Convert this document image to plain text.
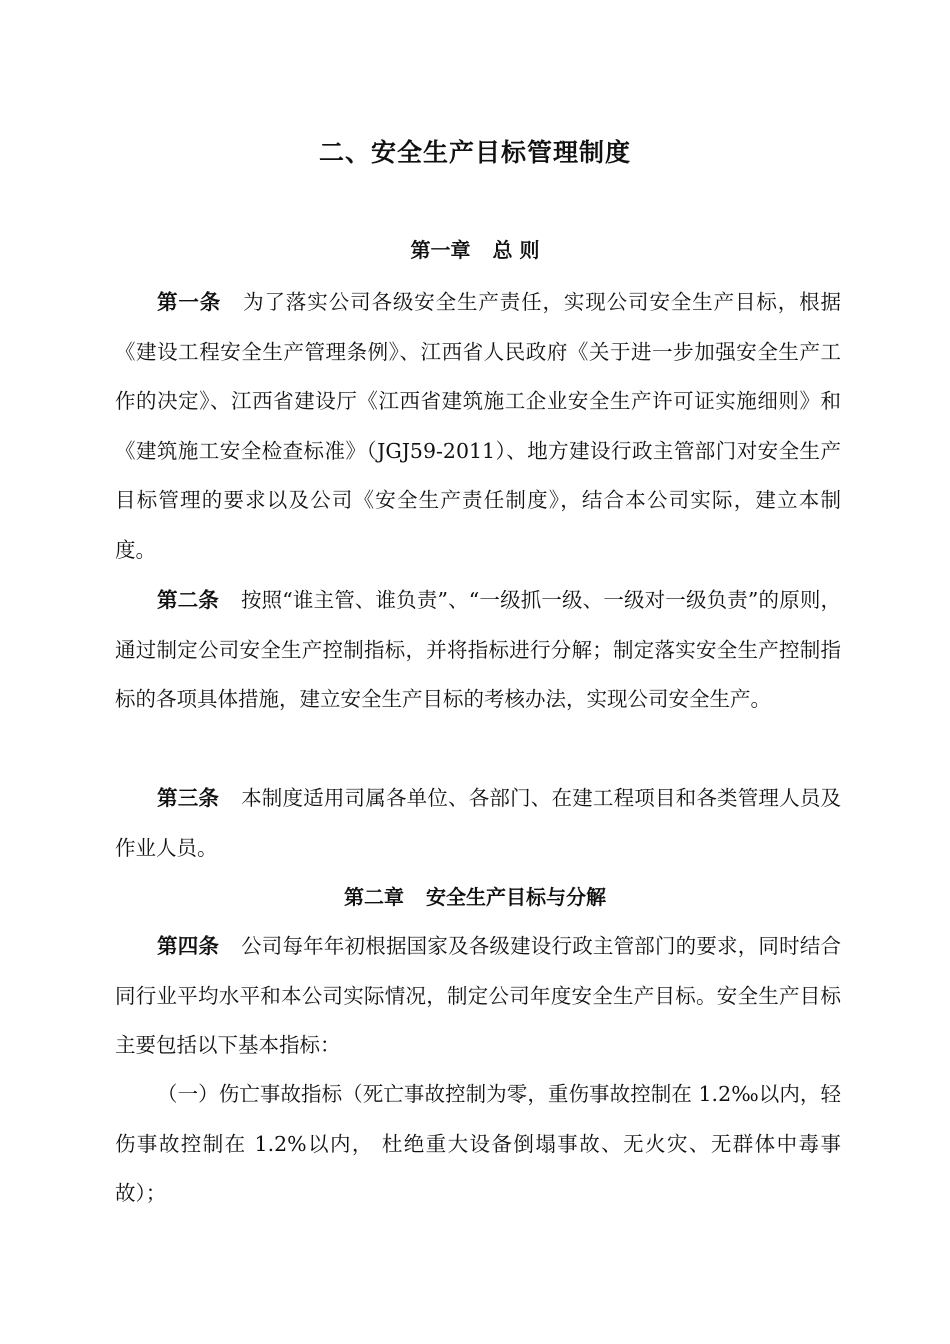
二、安全生产目标管理制度
第一章 总 则

第一条 为了落实公司各级安全生产责任，实现公司安全生产目标，根据《建设工程安全生产管理条例》、江西省人民政府《关于进一步加强安全生产工作的决定》、江西省建设厅《江西省建筑施工企业安全生产许可证实施细则》和《建筑施工安全检查标准》（JGJ59-2011）、地方建设行政主管部门对安全生产目标管理的要求以及公司《安全生产责任制度》，结合本公司实际，建立本制度。

第二条 按照“谁主管、谁负责”、“一级抓一级、一级对一级负责”的原则，通过制定公司安全生产控制指标，并将指标进行分解；制定落实安全生产控制指标的各项具体措施，建立安全生产目标的考核办法，实现公司安全生产。

第三条 本制度适用司属各单位、各部门、在建工程项目和各类管理人员及作业人员。

第二章 安全生产目标与分解

第四条 公司每年年初根据国家及各级建设行政主管部门的要求，同时结合同行业平均水平和本公司实际情况，制定公司年度安全生产目标。安全生产目标主要包括以下基本指标：

（一）伤亡事故指标（死亡事故控制为零，重伤事故控制在 1.2‰以内，轻伤事故控制在 1.2%以内， 杜绝重大设备倒塌事故、无火灾、无群体中毒事故）；
